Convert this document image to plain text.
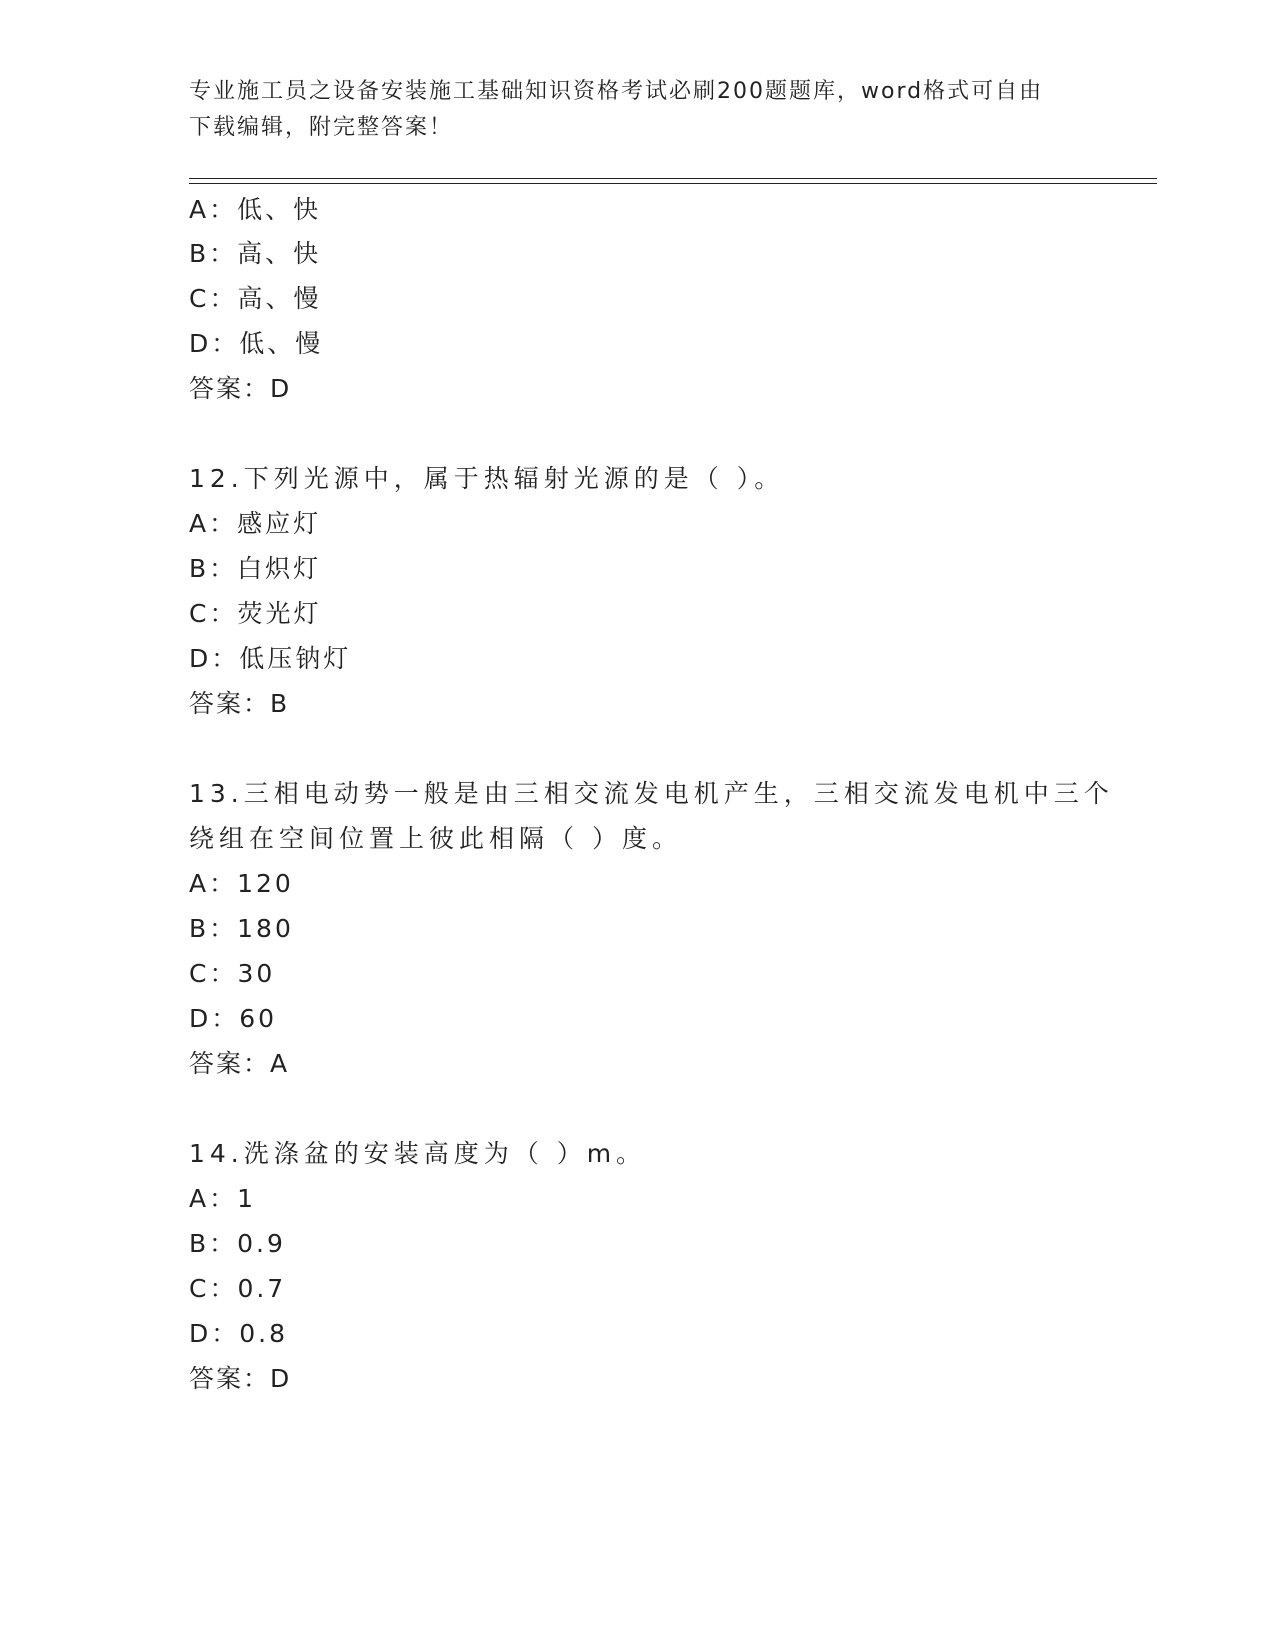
专业施工员之设备安装施工基础知识资格考试必刷200题题库，word格式可自由
下载编辑，附完整答案！
A：低、快
B：高、快
C：高、慢
D：低、慢
答案：D
12.下列光源中，属于热辐射光源的是（ ）。
A：感应灯
B：白炽灯
C：荧光灯
D：低压钠灯
答案：B
13.三相电动势一般是由三相交流发电机产生，三相交流发电机中三个
绕组在空间位置上彼此相隔（ ）度。
A：120
B：180
C：30
D：60
答案：A
14.洗涤盆的安装高度为（ ）m。
A：1
B：0.9
C：0.7
D：0.8
答案：D
